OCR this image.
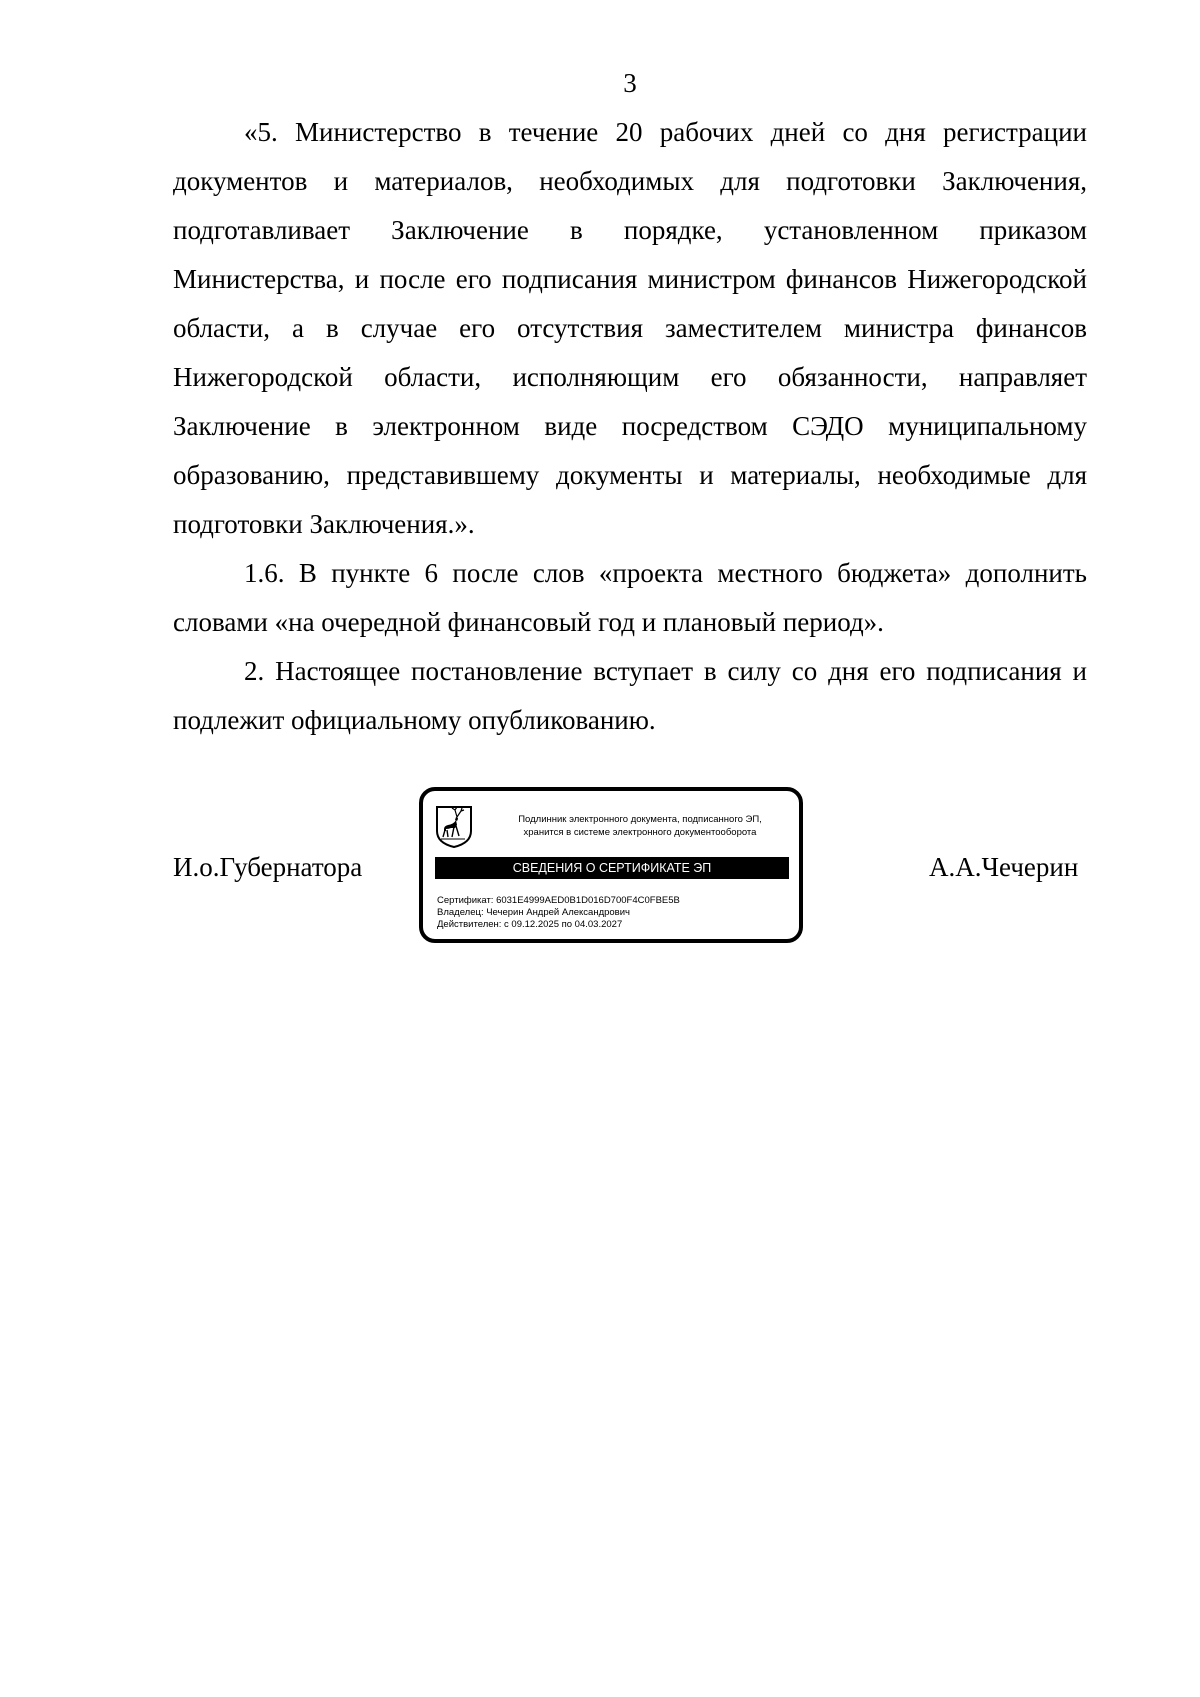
3

«5. Министерство в течение 20 рабочих дней со дня регистрации документов и материалов, необходимых для подготовки Заключения, подготавливает Заключение в порядке, установленном приказом Министерства, и после его подписания министром финансов Нижегородской области, а в случае его отсутствия заместителем министра финансов Нижегородской области, исполняющим его обязанности, направляет Заключение в электронном виде посредством СЭДО муниципальному образованию, представившему документы и материалы, необходимые для подготовки Заключения.».

1.6. В пункте 6 после слов «проекта местного бюджета» дополнить словами «на очередной финансовый год и плановый период».

2. Настоящее постановление вступает в силу со дня его подписания и подлежит официальному опубликованию.

И.о.Губернатора
Подлинник электронного документа, подписанного ЭП,
хранится в системе электронного документооборота
СВЕДЕНИЯ О СЕРТИФИКАТЕ ЭП
Сертификат: 6031E4999AED0B1D016D700F4C0FBE5B
Владелец: Чечерин Андрей Александрович
Действителен: с 09.12.2025 по 04.03.2027
А.А.Чечерин
